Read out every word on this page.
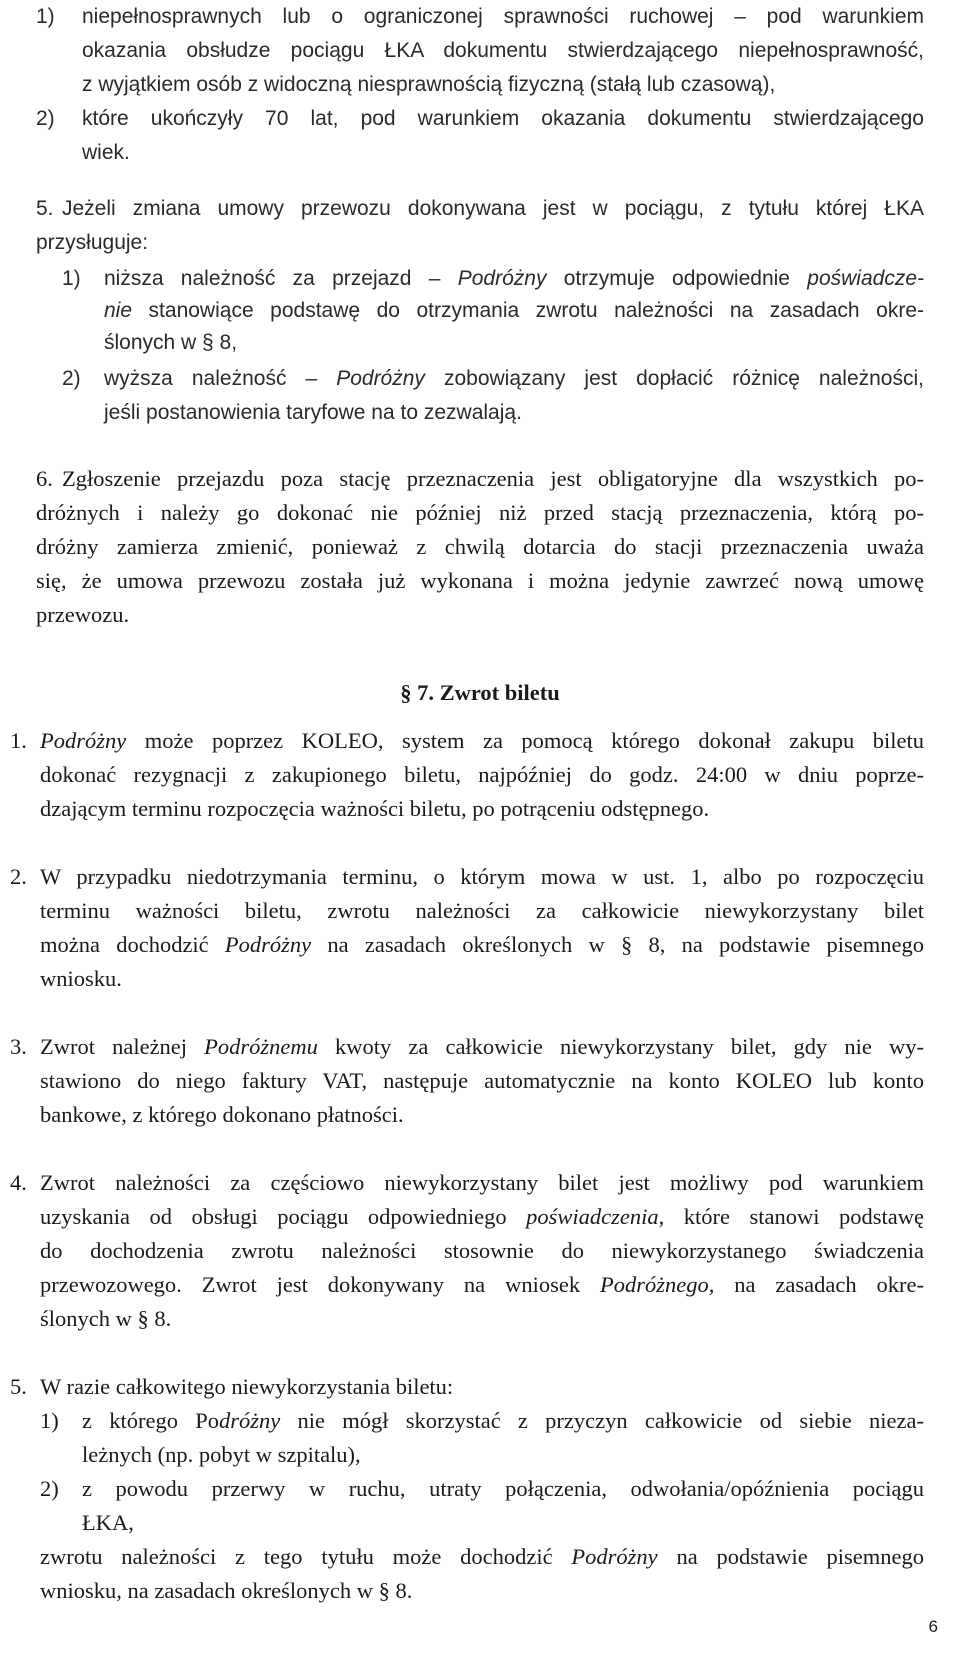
1) niepełnosprawnych lub o ograniczonej sprawności ruchowej – pod warunkiem
okazania obsłudze pociągu ŁKA dokumentu stwierdzającego niepełnosprawność,
z wyjątkiem osób z widoczną niesprawnością fizyczną (stałą lub czasową),
2) które ukończyły 70 lat, pod warunkiem okazania dokumentu stwierdzającego
wiek.
5. Jeżeli zmiana umowy przewozu dokonywana jest w pociągu, z tytułu której ŁKA
przysługuje:
1) niższa należność za przejazd – Podróżny otrzymuje odpowiednie poświadcze-
nie stanowiące podstawę do otrzymania zwrotu należności na zasadach okre-
ślonych w § 8,
2) wyższa należność – Podróżny zobowiązany jest dopłacić różnicę należności,
jeśli postanowienia taryfowe na to zezwalają.
6. Zgłoszenie przejazdu poza stację przeznaczenia jest obligatoryjne dla wszystkich po-
dróżnych i należy go dokonać nie później niż przed stacją przeznaczenia, którą po-
dróżny zamierza zmienić, ponieważ z chwilą dotarcia do stacji przeznaczenia uważa
się, że umowa przewozu została już wykonana i można jedynie zawrzeć nową umowę
przewozu.
§ 7. Zwrot biletu
1. Podróżny może poprzez KOLEO, system za pomocą którego dokonał zakupu biletu
dokonać rezygnacji z zakupionego biletu, najpóźniej do godz. 24:00 w dniu poprze-
dzającym terminu rozpoczęcia ważności biletu, po potrąceniu odstępnego.
2. W przypadku niedotrzymania terminu, o którym mowa w ust. 1, albo po rozpoczęciu
terminu ważności biletu, zwrotu należności za całkowicie niewykorzystany bilet
można dochodzić Podróżny na zasadach określonych w § 8, na podstawie pisemnego
wniosku.
3. Zwrot należnej Podróżnemu kwoty za całkowicie niewykorzystany bilet, gdy nie wy-
stawiono do niego faktury VAT, następuje automatycznie na konto KOLEO lub konto
bankowe, z którego dokonano płatności.
4. Zwrot należności za częściowo niewykorzystany bilet jest możliwy pod warunkiem
uzyskania od obsługi pociągu odpowiedniego poświadczenia, które stanowi podstawę
do dochodzenia zwrotu należności stosownie do niewykorzystanego świadczenia
przewozowego. Zwrot jest dokonywany na wniosek Podróżnego, na zasadach okre-
ślonych w § 8.
5. W razie całkowitego niewykorzystania biletu:
1) z którego Podróżny nie mógł skorzystać z przyczyn całkowicie od siebie nieza-
leżnych (np. pobyt w szpitalu),
2) z powodu przerwy w ruchu, utraty połączenia, odwołania/opóźnienia pociągu
ŁKA,
zwrotu należności z tego tytułu może dochodzić Podróżny na podstawie pisemnego
wniosku, na zasadach określonych w § 8.
6
